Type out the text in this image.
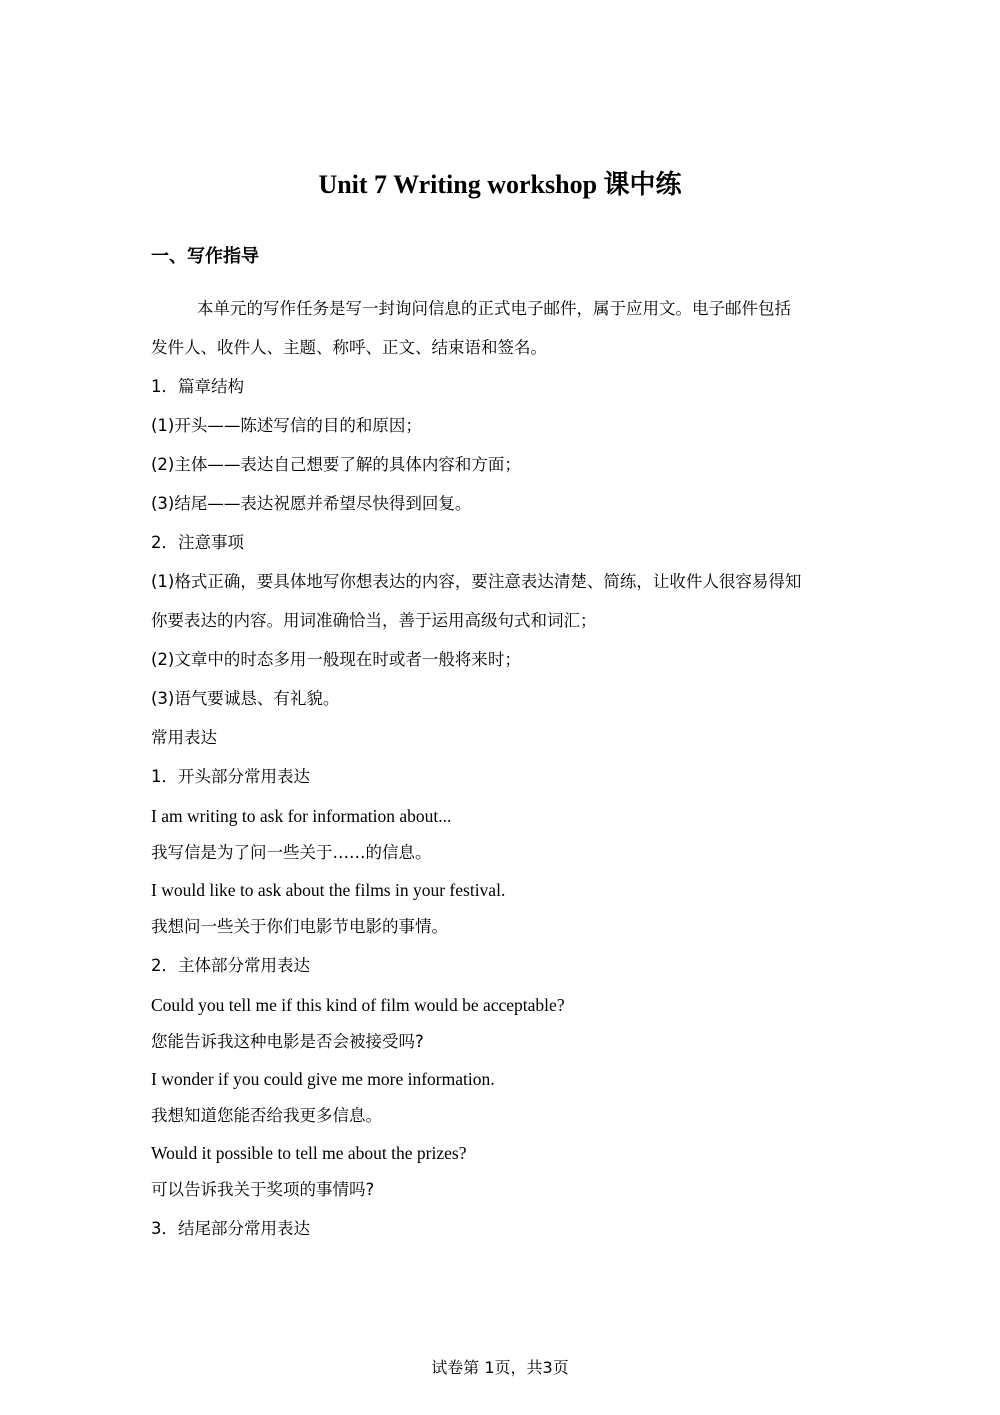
Unit 7 Writing workshop 课中练
一、写作指导

本单元的写作任务是写一封询问信息的正式电子邮件，属于应用文。电子邮件包括

发件人、收件人、主题、称呼、正文、结束语和签名。

1．篇章结构

(1)开头——陈述写信的目的和原因；

(2)主体——表达自己想要了解的具体内容和方面；

(3)结尾——表达祝愿并希望尽快得到回复。

2．注意事项

(1)格式正确，要具体地写你想表达的内容，要注意表达清楚、简练，让收件人很容易得知

你要表达的内容。用词准确恰当，善于运用高级句式和词汇；

(2)文章中的时态多用一般现在时或者一般将来时；

(3)语气要诚恳、有礼貌。

常用表达

1．开头部分常用表达

I am writing to ask for information about...

我写信是为了问一些关于……的信息。

I would like to ask about the films in your festival.

我想问一些关于你们电影节电影的事情。

2．主体部分常用表达

Could you tell me if this kind of film would be acceptable?

您能告诉我这种电影是否会被接受吗?

I wonder if you could give me more information.

我想知道您能否给我更多信息。

Would it possible to tell me about the prizes?

可以告诉我关于奖项的事情吗?

3．结尾部分常用表达

试卷第 1页，共3页
